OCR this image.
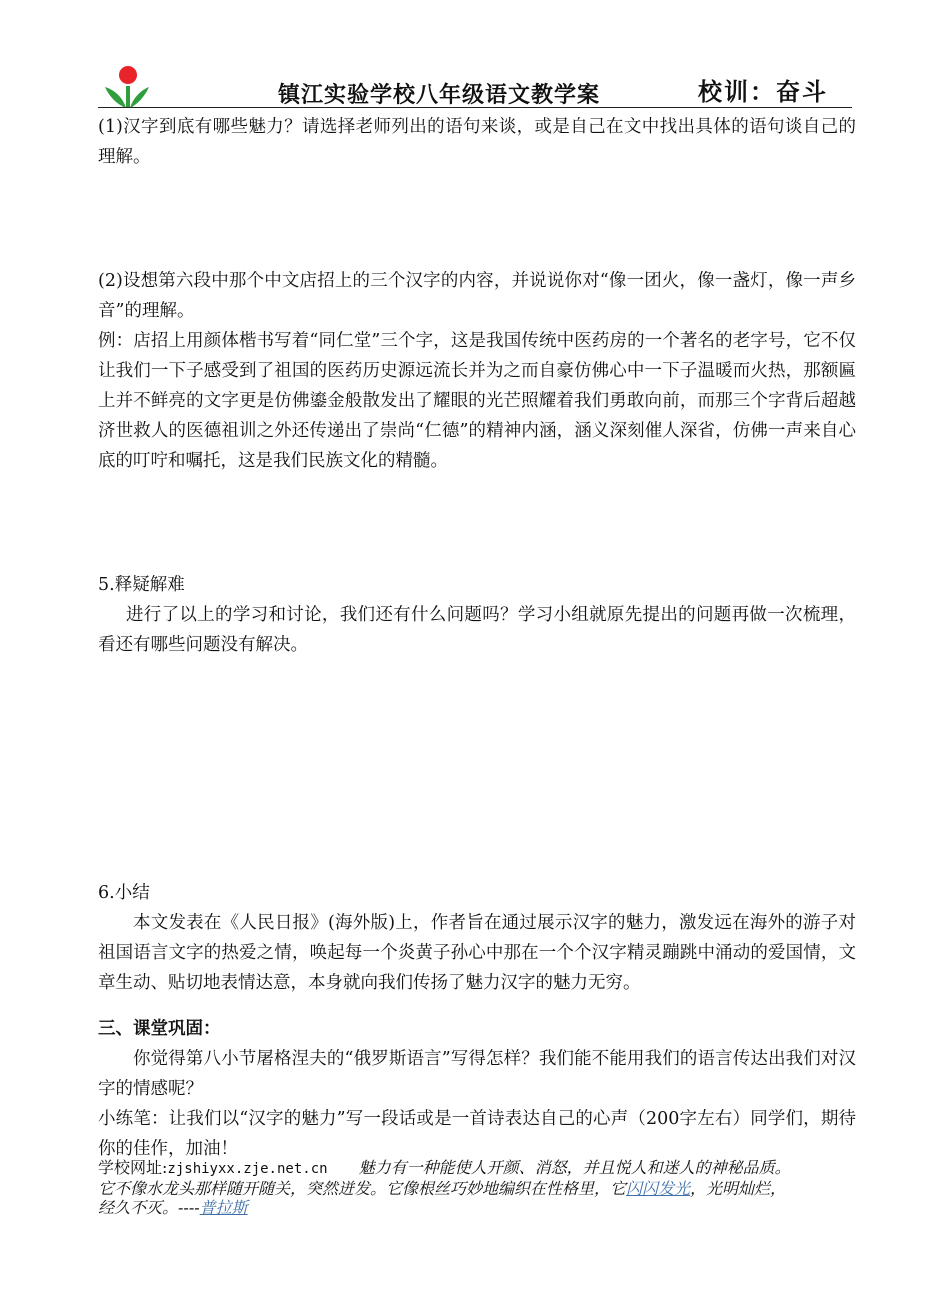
镇江实验学校八年级语文教学案	校训：奋斗

(1)汉字到底有哪些魅力？请选择老师列出的语句来谈，或是自己在文中找出具体的语句谈自己的理解。

(2)设想第六段中那个中文店招上的三个汉字的内容，并说说你对“像一团火，像一盏灯，像一声乡音”的理解。

例：店招上用颜体楷书写着“同仁堂”三个字，这是我国传统中医药房的一个著名的老字号，它不仅让我们一下子感受到了祖国的医药历史源远流长并为之而自豪仿佛心中一下子温暖而火热，那额匾上并不鲜亮的文字更是仿佛鎏金般散发出了耀眼的光芒照耀着我们勇敢向前，而那三个字背后超越济世救人的医德祖训之外还传递出了崇尚“仁德”的精神内涵，涵义深刻催人深省，仿佛一声来自心底的叮咛和嘱托，这是我们民族文化的精髓。

5.释疑解难

进行了以上的学习和讨论，我们还有什么问题吗？学习小组就原先提出的问题再做一次梳理，看还有哪些问题没有解决。

6.小结

本文发表在《人民日报》(海外版)上，作者旨在通过展示汉字的魅力，激发远在海外的游子对祖国语言文字的热爱之情，唤起每一个炎黄子孙心中那在一个个汉字精灵蹦跳中涌动的爱国情，文章生动、贴切地表情达意，本身就向我们传扬了魅力汉字的魅力无穷。

三、课堂巩固：

你觉得第八小节屠格涅夫的“俄罗斯语言”写得怎样？我们能不能用我们的语言传达出我们对汉字的情感呢？

小练笔：让我们以“汉字的魅力”写一段话或是一首诗表达自己的心声（200字左右）同学们，期待你的佳作，加油！

学校网址:zjshiyxx.zje.net.cn 魅力有一种能使人开颜、消怒，并且悦人和迷人的神秘品质。
它不像水龙头那样随开随关，突然迸发。它像根丝巧妙地编织在性格里，它闪闪发光，光明灿烂，
经久不灭。----普拉斯
